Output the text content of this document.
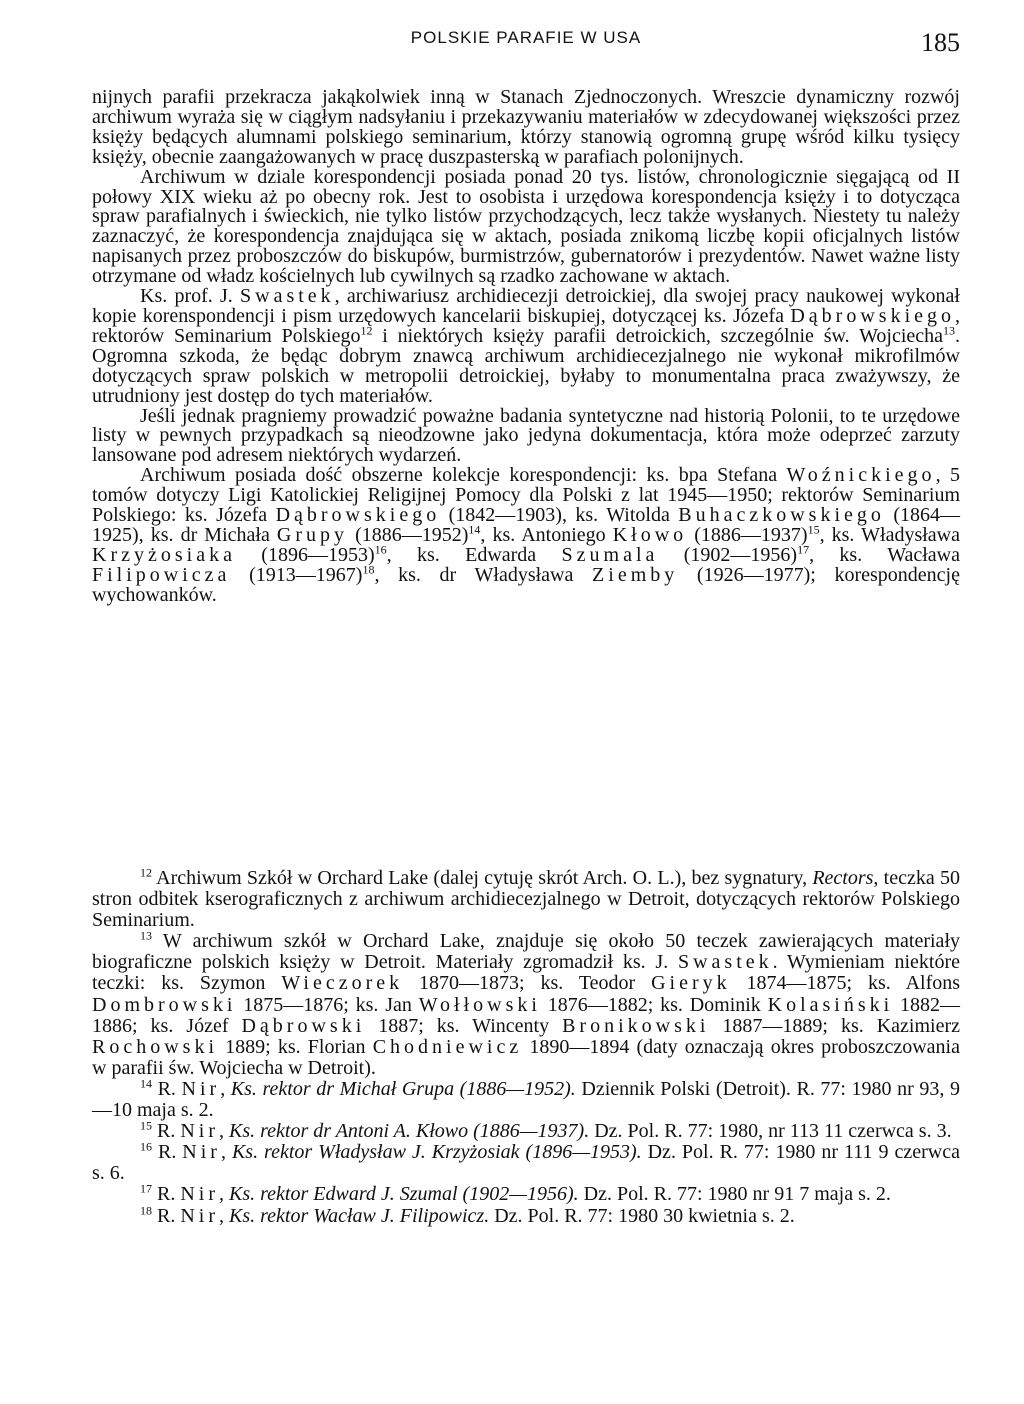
POLSKIE PARAFIE W USA	185

nijnych parafii przekracza jakąkolwiek inną w Stanach Zjednoczonych. Wreszcie dynamiczny rozwój archiwum wyraża się w ciągłym nadsyłaniu i przekazywaniu materiałów w zdecydowanej większości przez księży będących alumnami polskiego seminarium, którzy stanowią ogromną grupę wśród kilku tysięcy księży, obecnie zaangażowanych w pracę duszpasterską w parafiach polonijnych.

Archiwum w dziale korespondencji posiada ponad 20 tys. listów, chronologicznie sięgającą od II połowy XIX wieku aż po obecny rok. Jest to osobista i urzędowa korespondencja księży i to dotycząca spraw parafialnych i świeckich, nie tylko listów przychodzących, lecz także wysłanych. Niestety tu należy zaznaczyć, że korespondencja znajdująca się w aktach, posiada znikomą liczbę kopii oficjalnych listów napisanych przez proboszczów do biskupów, burmistrzów, gubernatorów i prezydentów. Nawet ważne listy otrzymane od władz kościelnych lub cywilnych są rzadko zachowane w aktach.

Ks. prof. J. Swastek, archiwariusz archidiecezji detroickiej, dla swojej pracy naukowej wykonał kopie korenspondencji i pism urzędowych kancelarii biskupiej, dotyczącej ks. Józefa Dąbrowskiego, rektorów Seminarium Polskiego$^{12}$ i niektórych księży parafii detroickich, szczególnie św. Wojciecha$^{13}$. Ogromna szkoda, że będąc dobrym znawcą archiwum archidiecezjalnego nie wykonał mikrofilmów dotyczących spraw polskich w metropolii detroickiej, byłaby to monumentalna praca zważywszy, że utrudniony jest dostęp do tych materiałów.

Jeśli jednak pragniemy prowadzić poważne badania syntetyczne nad historią Polonii, to te urzędowe listy w pewnych przypadkach są nieodzowne jako jedyna dokumentacja, która może odeprzeć zarzuty lansowane pod adresem niektórych wydarzeń.

Archiwum posiada dość obszerne kolekcje korespondencji: ks. bpa Stefana Woźnickiego, 5 tomów dotyczy Ligi Katolickiej Religijnej Pomocy dla Polski z lat 1945—1950; rektorów Seminarium Polskiego: ks. Józefa Dąbrowskiego (1842—1903), ks. Witolda Buhaczkowskiego (1864—1925), ks. dr Michała Grupy (1886—1952)$^{14}$, ks. Antoniego Kłowo (1886—1937)$^{15}$, ks. Władysława Krzyżosiaka (1896—1953)$^{16}$, ks. Edwarda Szumala (1902—1956)$^{17}$, ks. Wacława Filipowicza (1913—1967)$^{18}$, ks. dr Władysława Ziemby (1926—1977); korespondencję wychowanków.

$^{12}$ Archiwum Szkół w Orchard Lake (dalej cytuję skrót Arch. O. L.), bez sygnatury, Rectors, teczka 50 stron odbitek kserograficznych z archiwum archidiecezjalnego w Detroit, dotyczących rektorów Polskiego Seminarium.

$^{13}$ W archiwum szkół w Orchard Lake, znajduje się około 50 teczek zawierających materiały biograficzne polskich księży w Detroit. Materiały zgromadził ks. J. Swastek. Wymieniam niektóre teczki: ks. Szymon Wieczorek 1870—1873; ks. Teodor Gieryk 1874—1875; ks. Alfons Dombrowski 1875—1876; ks. Jan Wołłowski 1876—1882; ks. Dominik Kolasiński 1882—1886; ks. Józef Dąbrowski 1887; ks. Wincenty Bronikowski 1887—1889; ks. Kazimierz Rochowski 1889; ks. Florian Chodniewicz 1890—1894 (daty oznaczają okres proboszczowania w parafii św. Wojciecha w Detroit).

$^{14}$ R. Nir, Ks. rektor dr Michał Grupa (1886—1952). Dziennik Polski (Detroit). R. 77: 1980 nr 93, 9—10 maja s. 2.

$^{15}$ R. Nir, Ks. rektor dr Antoni A. Kłowo (1886—1937). Dz. Pol. R. 77: 1980, nr 113 11 czerwca s. 3.

$^{16}$ R. Nir, Ks. rektor Władysław J. Krzyżosiak (1896—1953). Dz. Pol. R. 77: 1980 nr 111 9 czerwca s. 6.

$^{17}$ R. Nir, Ks. rektor Edward J. Szumal (1902—1956). Dz. Pol. R. 77: 1980 nr 91 7 maja s. 2.

$^{18}$ R. Nir, Ks. rektor Wacław J. Filipowicz. Dz. Pol. R. 77: 1980 30 kwietnia s. 2.
